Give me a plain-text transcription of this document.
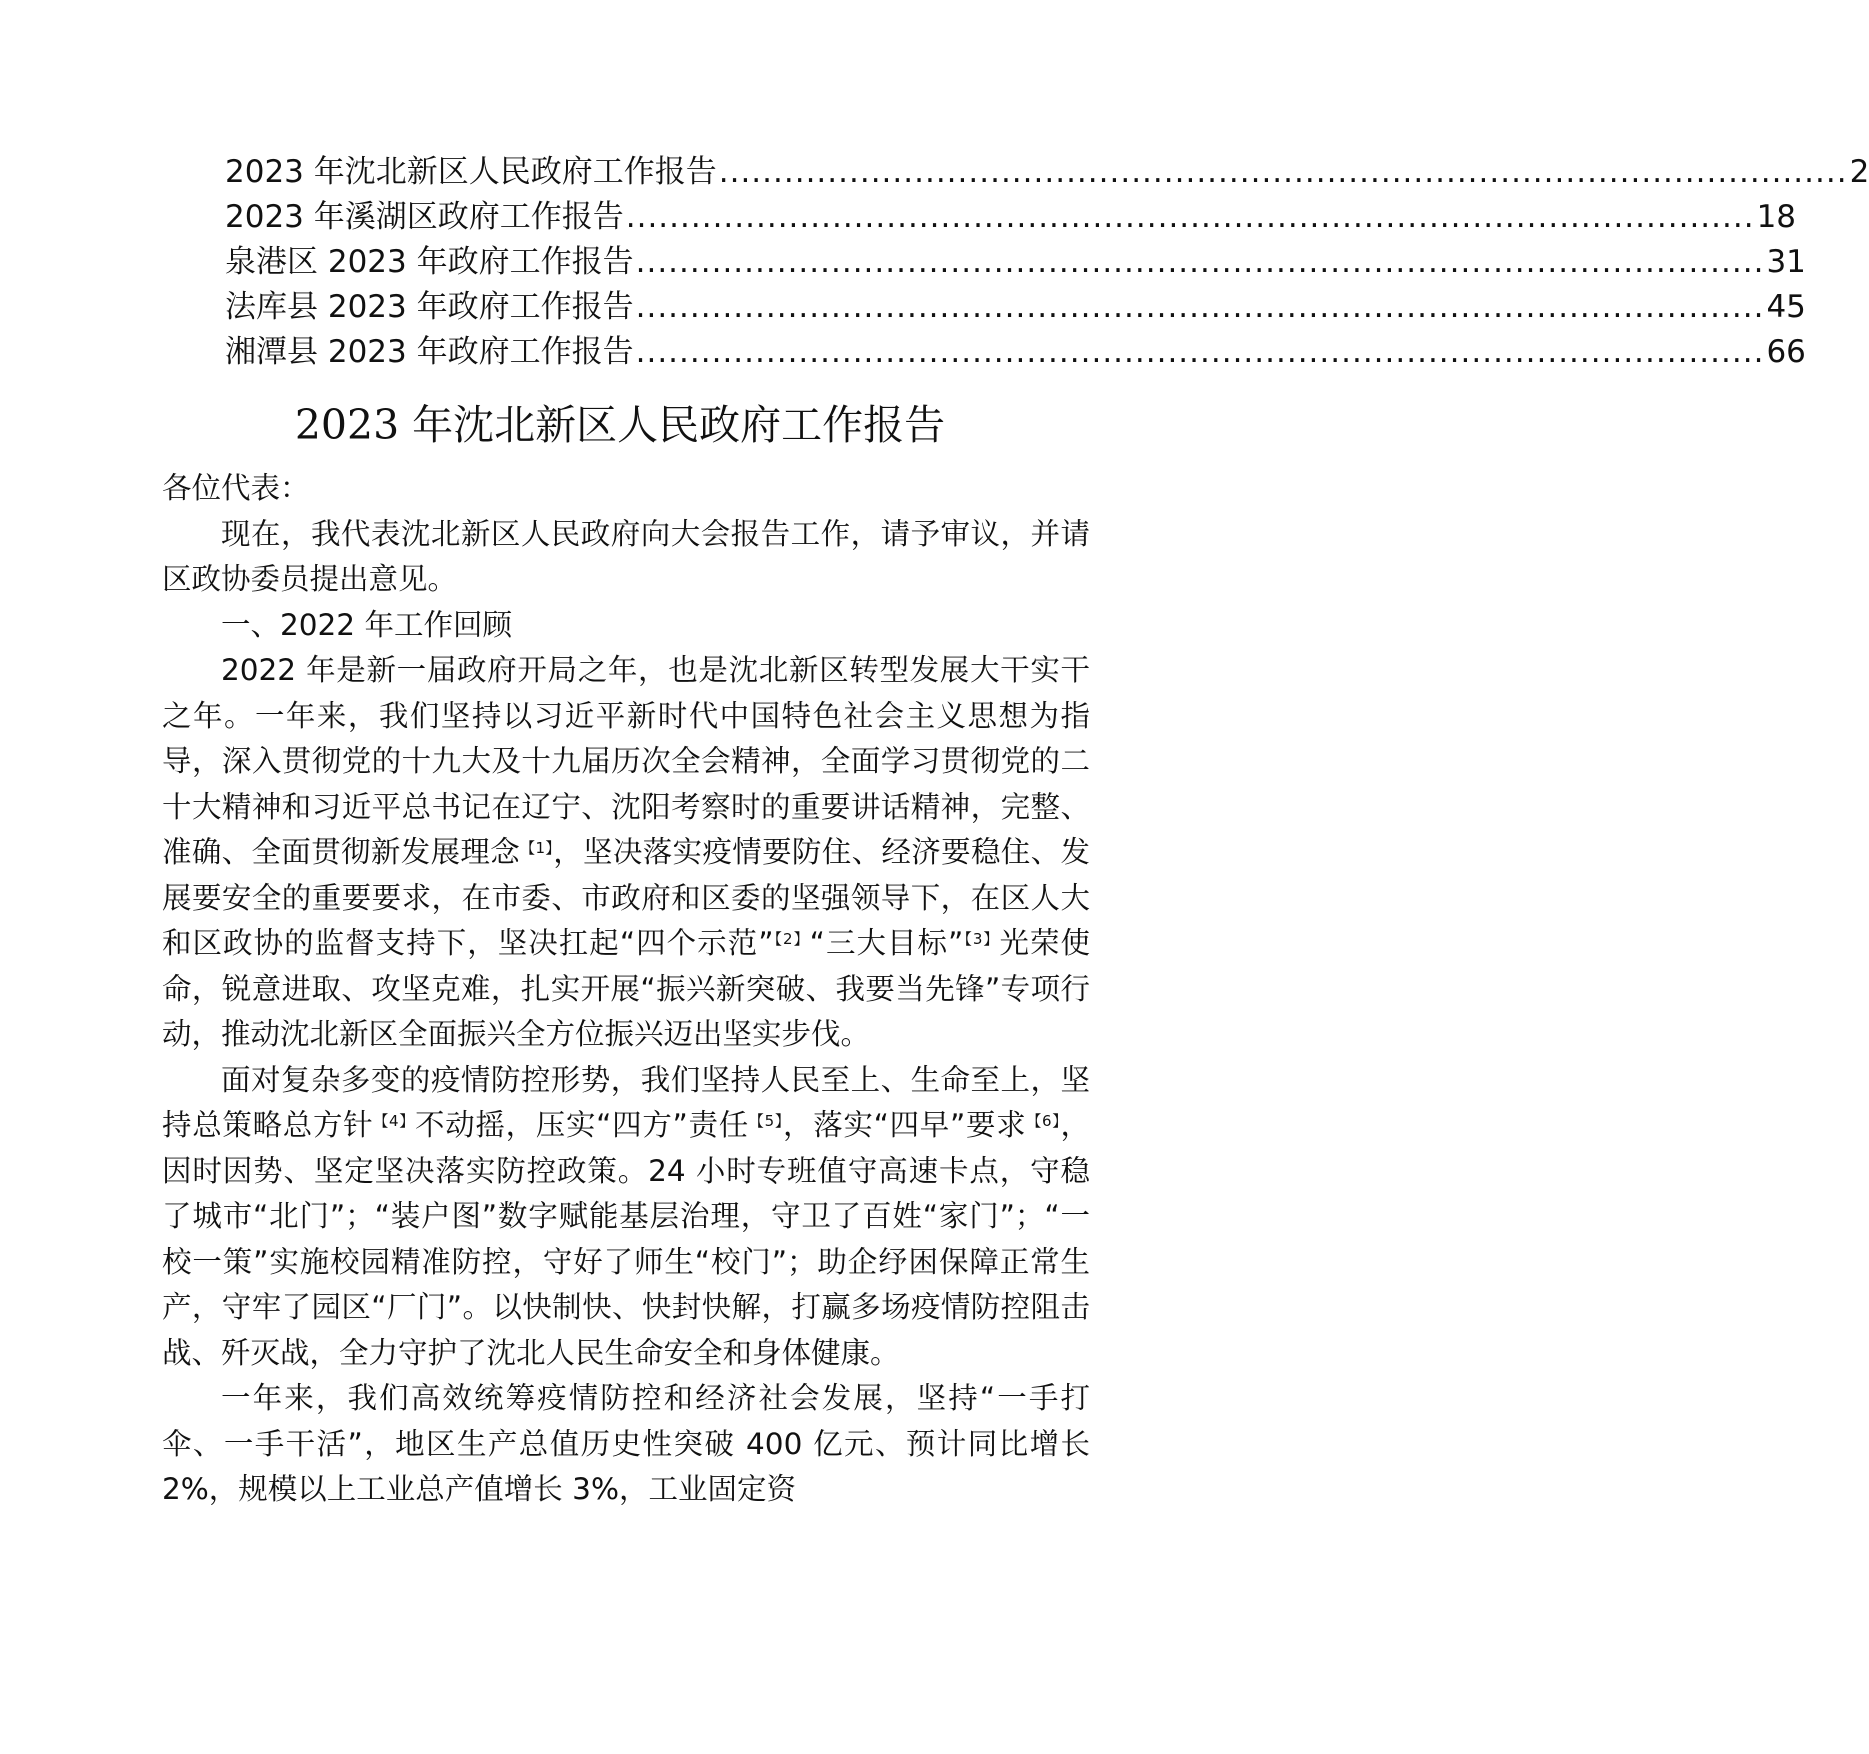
2023 年沈北新区人民政府工作报告 ........................................................................................................ 2
2023 年溪湖区政府工作报告 ........................................................................................................ 18
泉港区 2023 年政府工作报告 ........................................................................................................ 31
法库县 2023 年政府工作报告 ........................................................................................................ 45
湘潭县 2023 年政府工作报告 ........................................................................................................ 66
2023 年沈北新区人民政府工作报告

各位代表：

现在，我代表沈北新区人民政府向大会报告工作，请予审议，并请区政协委员提出意见。

一、2022 年工作回顾

2022 年是新一届政府开局之年，也是沈北新区转型发展大干实干之年。一年来，我们坚持以习近平新时代中国特色社会主义思想为指导，深入贯彻党的十九大及十九届历次全会精神，全面学习贯彻党的二十大精神和习近平总书记在辽宁、沈阳考察时的重要讲话精神，完整、准确、全面贯彻新发展理念$^{【1】}$，坚决落实疫情要防住、经济要稳住、发展要安全的重要要求，在市委、市政府和区委的坚强领导下，在区人大和区政协的监督支持下，坚决扛起“四个示范”$^{【2】}$“三大目标”$^{【3】}$光荣使命，锐意进取、攻坚克难，扎实开展“振兴新突破、我要当先锋”专项行动，推动沈北新区全面振兴全方位振兴迈出坚实步伐。

面对复杂多变的疫情防控形势，我们坚持人民至上、生命至上，坚持总策略总方针$^{【4】}$不动摇，压实“四方”责任$^{【5】}$，落实“四早”要求$^{【6】}$，因时因势、坚定坚决落实防控政策。24 小时专班值守高速卡点，守稳了城市“北门”；“装户图”数字赋能基层治理，守卫了百姓“家门”；“一校一策”实施校园精准防控，守好了师生“校门”；助企纾困保障正常生产，守牢了园区“厂门”。以快制快、快封快解，打赢多场疫情防控阻击战、歼灭战，全力守护了沈北人民生命安全和身体健康。

一年来，我们高效统筹疫情防控和经济社会发展，坚持“一手打伞、一手干活”，地区生产总值历史性突破 400 亿元、预计同比增长 2%，规模以上工业总产值增长 3%，工业固定资
